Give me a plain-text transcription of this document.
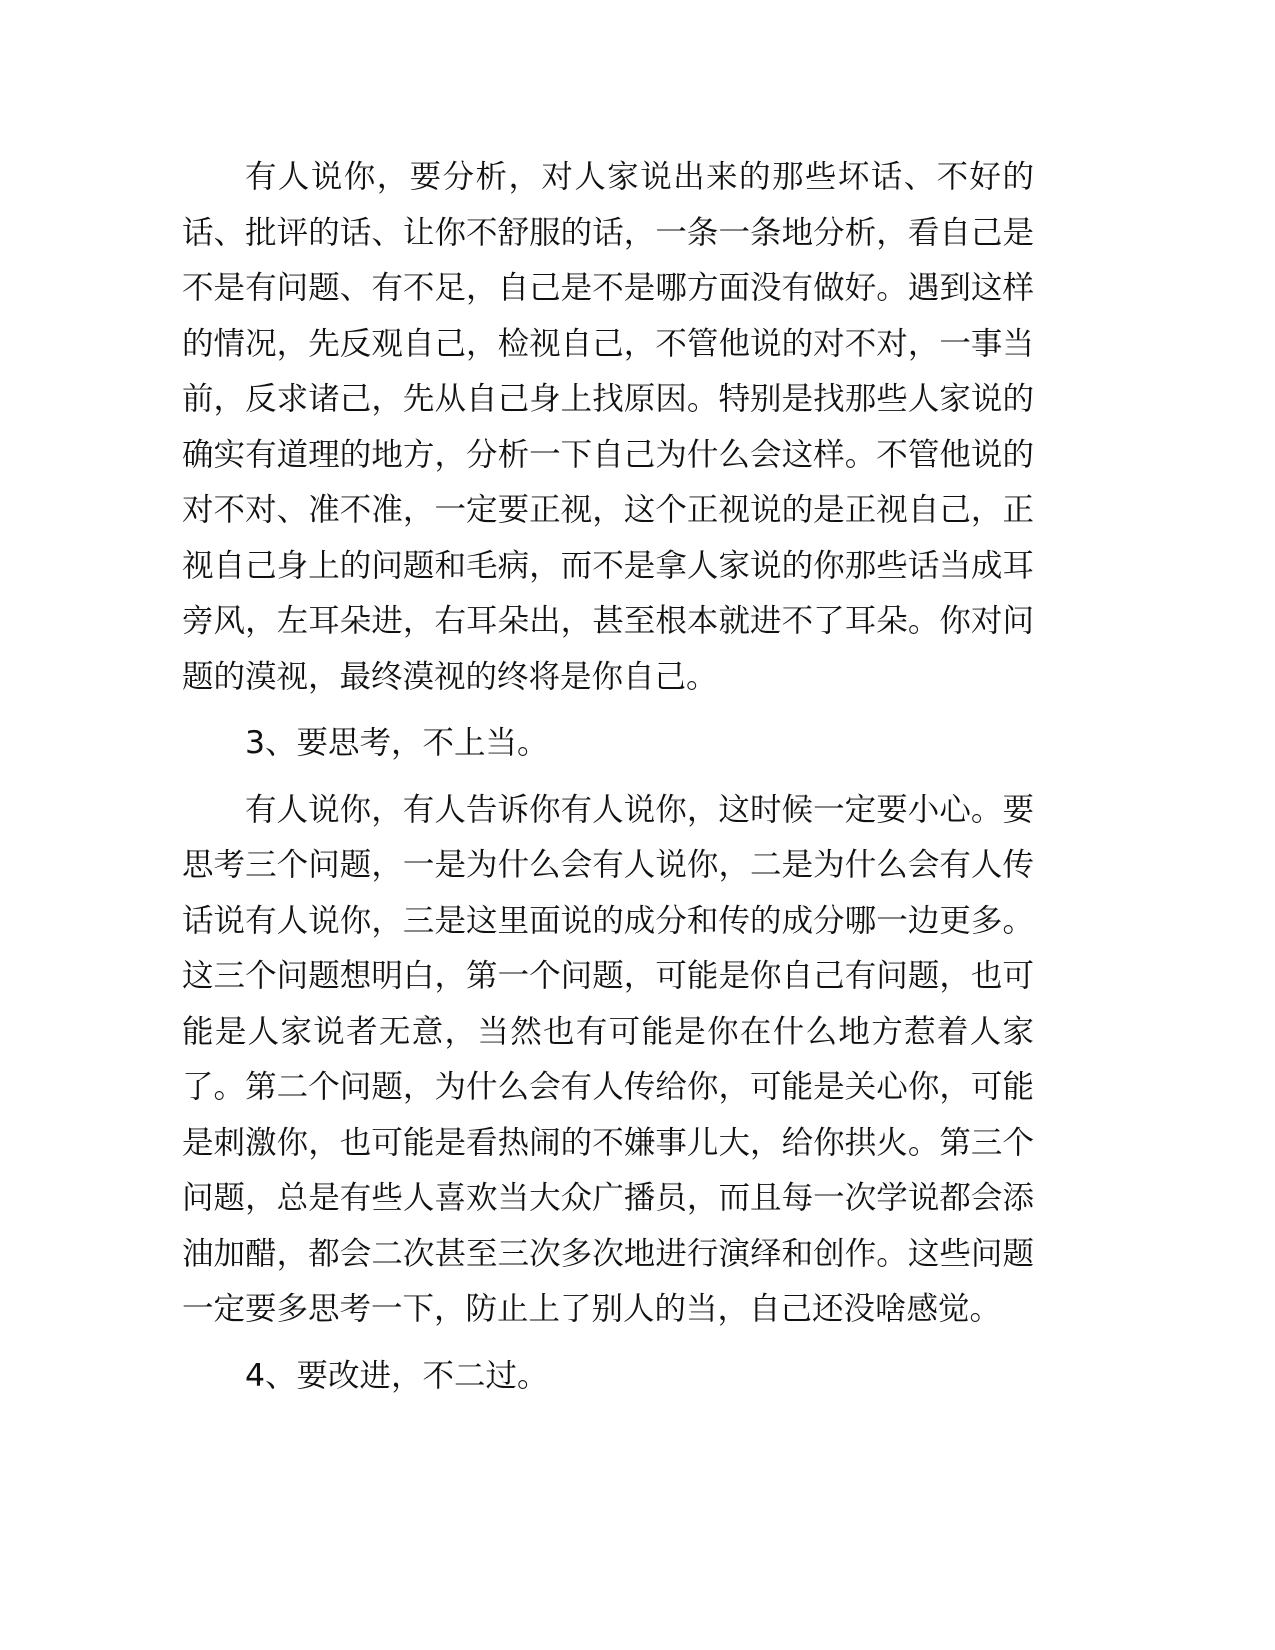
有人说你，要分析，对人家说出来的那些坏话、不好的话、批评的话、让你不舒服的话，一条一条地分析，看自己是不是有问题、有不足，自己是不是哪方面没有做好。遇到这样的情况，先反观自己，检视自己，不管他说的对不对，一事当前，反求诸己，先从自己身上找原因。特别是找那些人家说的确实有道理的地方，分析一下自己为什么会这样。不管他说的对不对、准不准，一定要正视，这个正视说的是正视自己，正视自己身上的问题和毛病，而不是拿人家说的你那些话当成耳旁风，左耳朵进，右耳朵出，甚至根本就进不了耳朵。你对问题的漠视，最终漠视的终将是你自己。

3、要思考，不上当。

有人说你，有人告诉你有人说你，这时候一定要小心。要思考三个问题，一是为什么会有人说你，二是为什么会有人传话说有人说你，三是这里面说的成分和传的成分哪一边更多。这三个问题想明白，第一个问题，可能是你自己有问题，也可能是人家说者无意，当然也有可能是你在什么地方惹着人家了。第二个问题，为什么会有人传给你，可能是关心你，可能是刺激你，也可能是看热闹的不嫌事儿大，给你拱火。第三个问题，总是有些人喜欢当大众广播员，而且每一次学说都会添油加醋，都会二次甚至三次多次地进行演绎和创作。这些问题一定要多思考一下，防止上了别人的当，自己还没啥感觉。

4、要改进，不二过。
